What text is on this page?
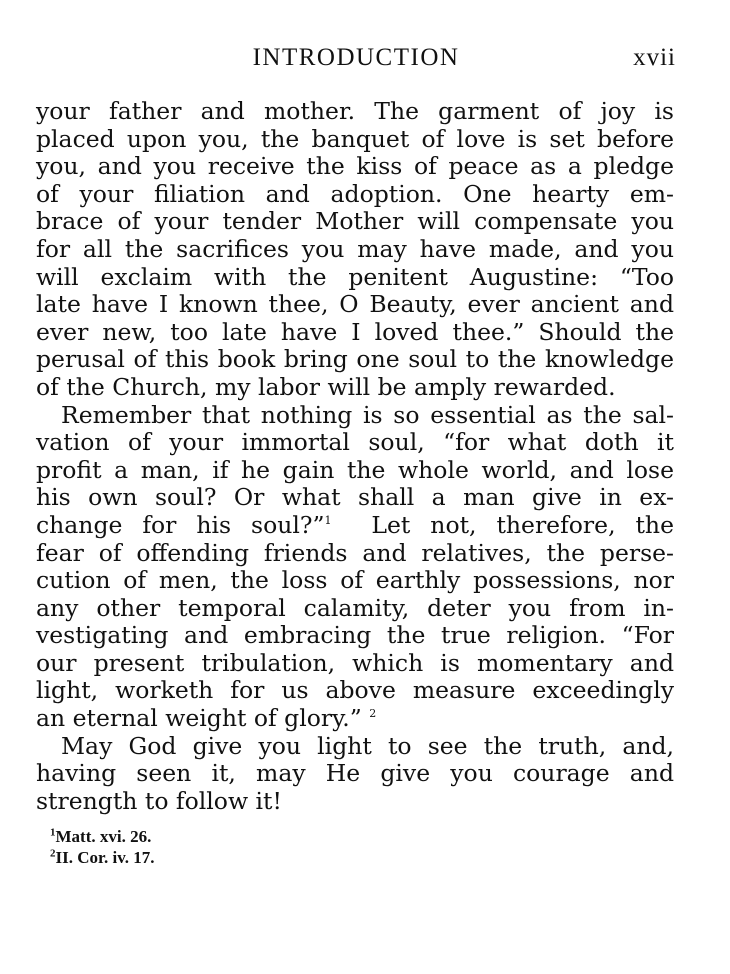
INTRODUCTION	xvii
your father and mother. The garment of joy is
placed upon you, the banquet of love is set before
you, and you receive the kiss of peace as a pledge
of your filiation and adoption. One hearty em-
brace of your tender Mother will compensate you
for all the sacrifices you may have made, and you
will exclaim with the penitent Augustine: “Too
late have I known thee, O Beauty, ever ancient and
ever new, too late have I loved thee.” Should the
perusal of this book bring one soul to the knowledge
of the Church, my labor will be amply rewarded.
Remember that nothing is so essential as the sal-
vation of your immortal soul, “for what doth it
profit a man, if he gain the whole world, and lose
his own soul? Or what shall a man give in ex-
change for his soul?”$^1$ Let not, therefore, the
fear of offending friends and relatives, the perse-
cution of men, the loss of earthly possessions, nor
any other temporal calamity, deter you from in-
vestigating and embracing the true religion. “For
our present tribulation, which is momentary and
light, worketh for us above measure exceedingly
an eternal weight of glory.” $^2$
May God give you light to see the truth, and,
having seen it, may He give you courage and
strength to follow it!
$^1$Matt. xvi. 26.
$^2$II. Cor. iv. 17.
